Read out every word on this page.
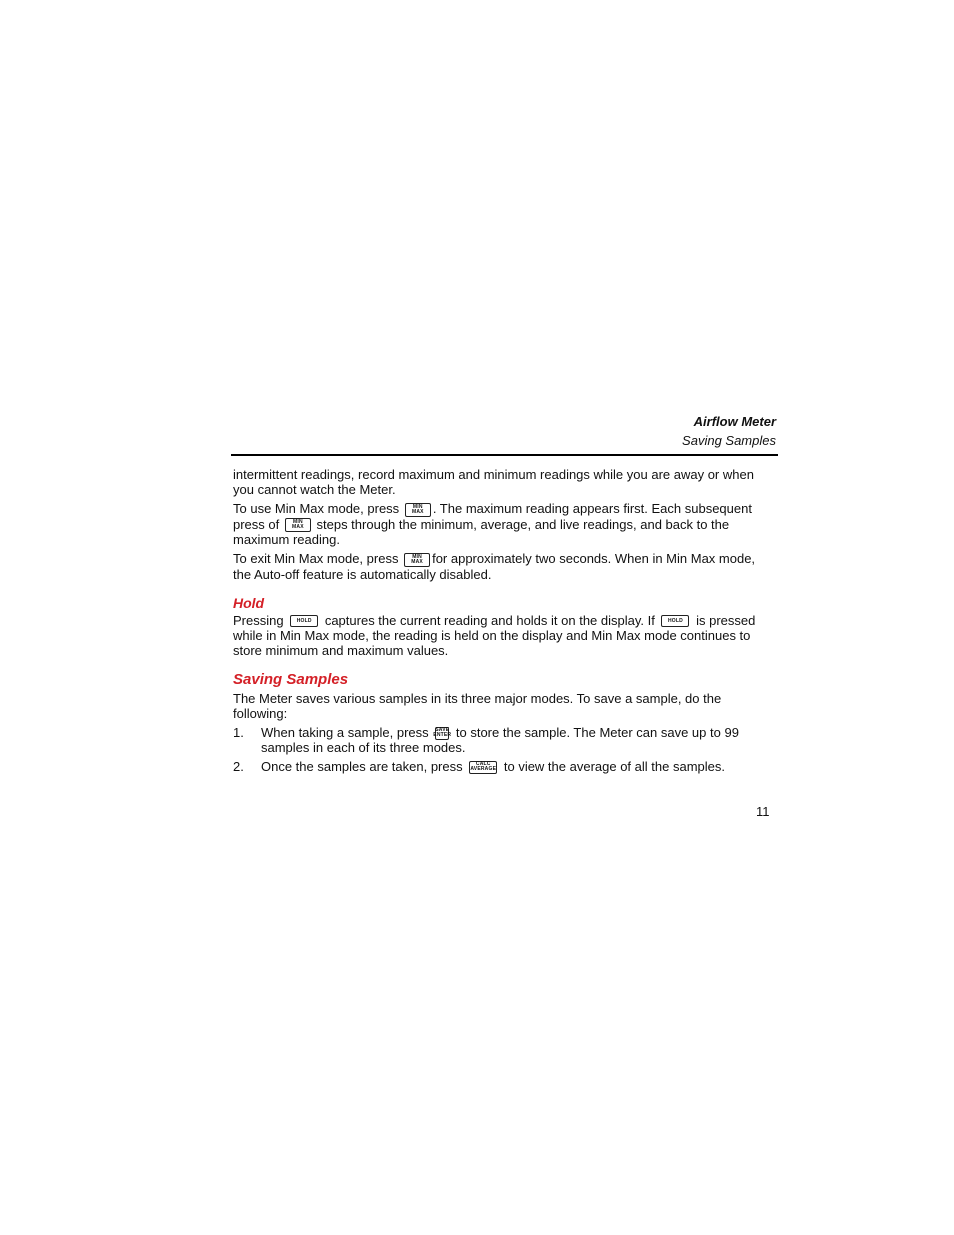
Airflow Meter
Saving Samples

intermittent readings, record maximum and minimum readings while you are away or when you cannot watch the Meter.

To use Min Max mode, press	MIN
MAX . The maximum reading appears first. Each subsequent press of	MIN
MAX steps through the minimum, average, and live readings, and back to the maximum reading.

To exit Min Max mode, press	MIN
MAX for approximately two seconds. When in Min Max mode, the Auto-off feature is automatically disabled.

Hold

Pressing	HOLD captures the current reading and holds it on the display. If	HOLD is pressed while in Min Max mode, the reading is held on the display and Min Max mode continues to store minimum and maximum values.

Saving Samples

The Meter saves various samples in its three major modes. To save a sample, do the following:

1.	When taking a sample, press SAVE
ENTER to store the sample. The Meter can save up to 99 samples in each of its three modes.
2.	Once the samples are taken, press	CALC
AVERAGE to view the average of all the samples.
11
